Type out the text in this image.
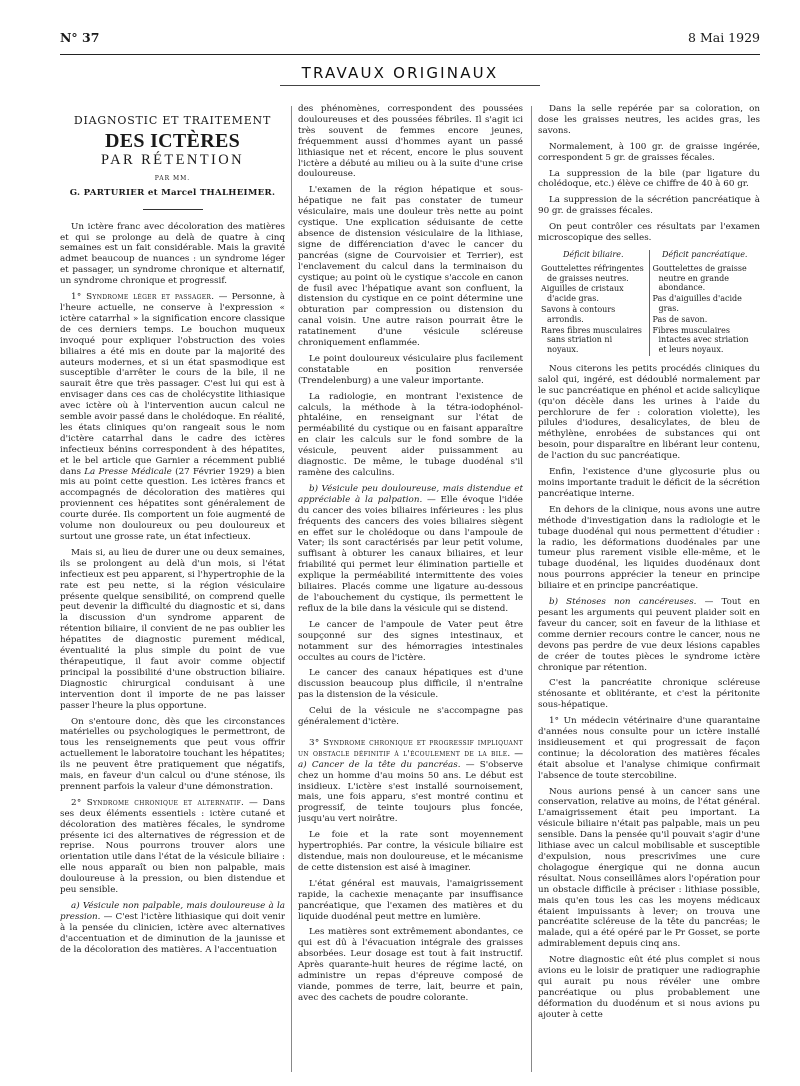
N° 37	8 Mai 1929
TRAVAUX ORIGINAUX
DIAGNOSTIC ET TRAITEMENT
DES ICTÈRES
PAR RÉTENTION
PAR MM.
G. PARTURIER et Marcel THALHEIMER.

Un ictère franc avec décoloration des matières et qui se prolonge au delà de quatre à cinq semaines est un fait considérable. Mais la gravité admet beaucoup de nuances : un syndrome léger et passager, un syndrome chronique et alternatif, un syndrome chronique et progressif.

1° Syndrome léger et passager. — Personne, à l'heure actuelle, ne conserve à l'expression « ictère catarrhal » la signification encore classique de ces derniers temps. Le bouchon muqueux invoqué pour expliquer l'obstruction des voies biliaires a été mis en doute par la majorité des auteurs modernes, et si un état spasmodique est susceptible d'arrêter le cours de la bile, il ne saurait être que très passager. C'est lui qui est à envisager dans ces cas de cholécystite lithiasique avec ictère où à l'intervention aucun calcul ne semble avoir passé dans le cholédoque. En réalité, les états cliniques qu'on rangeait sous le nom d'ictère catarrhal dans le cadre des ictères infectieux bénins correspondent à des hépatites, et le bel article que Garnier a récemment publié dans La Presse Médicale (27 Février 1929) a bien mis au point cette question. Les ictères francs et accompagnés de décoloration des matières qui proviennent ces hépatites sont généralement de courte durée. Ils comportent un foie augmenté de volume non douloureux ou peu douloureux et surtout une grosse rate, un état infectieux.

Mais si, au lieu de durer une ou deux semaines, ils se prolongent au delà d'un mois, si l'état infectieux est peu apparent, si l'hypertrophie de la rate est peu nette, si la région vésiculaire présente quelque sensibilité, on comprend quelle peut devenir la difficulté du diagnostic et si, dans la discussion d'un syndrome apparent de rétention biliaire, il convient de ne pas oublier les hépatites de diagnostic purement médical, éventualité la plus simple du point de vue thérapeutique, il faut avoir comme objectif principal la possibilité d'une obstruction biliaire. Diagnostic chirurgical conduisant à une intervention dont il importe de ne pas laisser passer l'heure la plus opportune.

On s'entoure donc, dès que les circonstances matérielles ou psychologiques le permettront, de tous les renseignements que peut vous offrir actuellement le laboratoire touchant les hépatites; ils ne peuvent être pratiquement que négatifs, mais, en faveur d'un calcul ou d'une sténose, ils prennent parfois la valeur d'une démonstration.

2° Syndrome chronique et alternatif. — Dans ses deux éléments essentiels : ictère cutané et décoloration des matières fécales, le syndrome présente ici des alternatives de régression et de reprise. Nous pourrons trouver alors une orientation utile dans l'état de la vésicule biliaire : elle nous apparaît ou bien non palpable, mais douloureuse à la pression, ou bien distendue et peu sensible.

a) Vésicule non palpable, mais douloureuse à la pression. — C'est l'ictère lithiasique qui doit venir à la pensée du clinicien, ictère avec alternatives d'accentuation et de diminution de la jaunisse et de la décoloration des matières. A l'accentuation

des phénomènes, correspondent des poussées douloureuses et des poussées fébriles. Il s'agit ici très souvent de femmes encore jeunes, fréquemment aussi d'hommes ayant un passé lithiasique net et récent, encore le plus souvent l'ictère a débuté au milieu ou à la suite d'une crise douloureuse.

L'examen de la région hépatique et sous-hépatique ne fait pas constater de tumeur vésiculaire, mais une douleur très nette au point cystique. Une explication séduisante de cette absence de distension vésiculaire de la lithiase, signe de différenciation d'avec le cancer du pancréas (signe de Courvoisier et Terrier), est l'enclavement du calcul dans la terminaison du cystique; au point où le cystique s'accole en canon de fusil avec l'hépatique avant son confluent, la distension du cystique en ce point détermine une obturation par compression ou distension du canal voisin. Une autre raison pourrait être le ratatinement d'une vésicule scléreuse chroniquement enflammée.

Le point douloureux vésiculaire plus facilement constatable en position renversée (Trendelenburg) a une valeur importante.

La radiologie, en montrant l'existence de calculs, la méthode à la tétra-iodophénol-phtaléine, en renseignant sur l'état de perméabilité du cystique ou en faisant apparaître en clair les calculs sur le fond sombre de la vésicule, peuvent aider puissamment au diagnostic. De même, le tubage duodénal s'il ramène des calculins.

b) Vésicule peu douloureuse, mais distendue et appréciable à la palpation. — Elle évoque l'idée du cancer des voies biliaires inférieures : les plus fréquents des cancers des voies biliaires siègent en effet sur le cholédoque ou dans l'ampoule de Vater; ils sont caractérisés par leur petit volume, suffisant à obturer les canaux biliaires, et leur friabilité qui permet leur élimination partielle et explique la perméabilité intermittente des voies biliaires. Placés comme une ligature au-dessous de l'abouchement du cystique, ils permettent le reflux de la bile dans la vésicule qui se distend.

Le cancer de l'ampoule de Vater peut être soupçonné sur des signes intestinaux, et notamment sur des hémorragies intestinales occultes au cours de l'ictère.

Le cancer des canaux hépatiques est d'une discussion beaucoup plus difficile, il n'entraîne pas la distension de la vésicule.

Celui de la vésicule ne s'accompagne pas généralement d'ictère.

3° Syndrome chronique et progressif impliquant un obstacle définitif à l'écoulement de la bile. — a) Cancer de la tête du pancréas. — S'observe chez un homme d'au moins 50 ans. Le début est insidieux. L'ictère s'est installé sournoisement, mais, une fois apparu, s'est montré continu et progressif, de teinte toujours plus foncée, jusqu'au vert noirâtre.

Le foie et la rate sont moyennement hypertrophiés. Par contre, la vésicule biliaire est distendue, mais non douloureuse, et le mécanisme de cette distension est aisé à imaginer.

L'état général est mauvais, l'amaigrissement rapide, la cachexie menaçante par insuffisance pancréatique, que l'examen des matières et du liquide duodénal peut mettre en lumière.

Les matières sont extrêmement abondantes, ce qui est dû à l'évacuation intégrale des graisses absorbées. Leur dosage est tout à fait instructif. Après quarante-huit heures de régime lacté, on administre un repas d'épreuve composé de viande, pommes de terre, lait, beurre et pain, avec des cachets de poudre colorante.

Dans la selle repérée par sa coloration, on dose les graisses neutres, les acides gras, les savons.

Normalement, à 100 gr. de graisse ingérée, correspondent 5 gr. de graisses fécales.

La suppression de la bile (par ligature du cholédoque, etc.) élève ce chiffre de 40 à 60 gr.

La suppression de la sécrétion pancréatique à 90 gr. de graisses fécales.

On peut contrôler ces résultats par l'examen microscopique des selles.

Déficit biliaire.
Gouttelettes réfringentes de graisses neutres.
Aiguilles de cristaux d'acide gras.
Savons à contours arrondis.
Rares fibres musculaires sans striation ni noyaux.
Déficit pancréatique.
Gouttelettes de graisse neutre en grande abondance.
Pas d'aiguilles d'acide gras.
Pas de savon.
Fibres musculaires intactes avec striation et leurs noyaux.

Nous citerons les petits procédés cliniques du salol qui, ingéré, est dédoublé normalement par le suc pancréatique en phénol et acide salicylique (qu'on décèle dans les urines à l'aide du perchlorure de fer : coloration violette), les pilules d'iodures, desalicylates, de bleu de méthylène, enrobées de substances qui ont besoin, pour disparaître en libérant leur contenu, de l'action du suc pancréatique.

Enfin, l'existence d'une glycosurie plus ou moins importante traduit le déficit de la sécrétion pancréatique interne.

En dehors de la clinique, nous avons une autre méthode d'investigation dans la radiologie et le tubage duodénal qui nous permettent d'étudier : la radio, les déformations duodénales par une tumeur plus rarement visible elle-même, et le tubage duodénal, les liquides duodénaux dont nous pourrons apprécier la teneur en principe biliaire et en principe pancréatique.

b) Sténoses non cancéreuses. — Tout en pesant les arguments qui peuvent plaider soit en faveur du cancer, soit en faveur de la lithiase et comme dernier recours contre le cancer, nous ne devons pas perdre de vue deux lésions capables de créer de toutes pièces le syndrome ictère chronique par rétention.

C'est la pancréatite chronique scléreuse sténosante et oblitérante, et c'est la péritonite sous-hépatique.

1° Un médecin vétérinaire d'une quarantaine d'années nous consulte pour un ictère installé insidieusement et qui progressait de façon continue; la décoloration des matières fécales était absolue et l'analyse chimique confirmait l'absence de toute stercobiline.

Nous aurions pensé à un cancer sans une conservation, relative au moins, de l'état général. L'amaigrissement était peu important. La vésicule biliaire n'était pas palpable, mais un peu sensible. Dans la pensée qu'il pouvait s'agir d'une lithiase avec un calcul mobilisable et susceptible d'expulsion, nous prescrivîmes une cure cholagogue énergique qui ne donna aucun résultat. Nous conseillâmes alors l'opération pour un obstacle difficile à préciser : lithiase possible, mais qu'en tous les cas les moyens médicaux étaient impuissants à lever; on trouva une pancréatite scléreuse de la tête du pancréas; le malade, qui a été opéré par le Pr Gosset, se porte admirablement depuis cinq ans.

Notre diagnostic eût été plus complet si nous avions eu le loisir de pratiquer une radiographie qui aurait pu nous révéler une ombre pancréatique ou plus probablement une déformation du duodénum et si nous avions pu ajouter à cette
